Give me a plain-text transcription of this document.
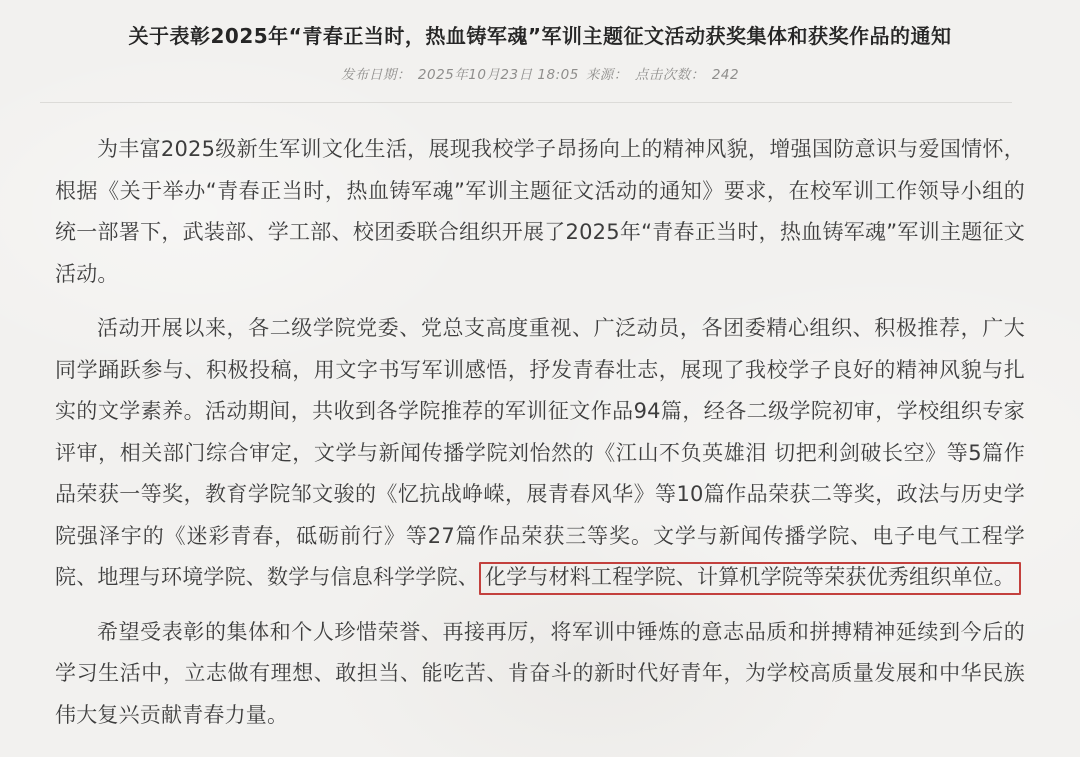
关于表彰2025年“青春正当时，热血铸军魂”军训主题征文活动获奖集体和获奖作品的通知
发布日期： 2025年10月23日 18:05 来源： 点击次数： 242

为丰富2025级新生军训文化生活，展现我校学子昂扬向上的精神风貌，增强国防意识与爱国情怀，根据《关于举办“青春正当时，热血铸军魂”军训主题征文活动的通知》要求，在校军训工作领导小组的统一部署下，武装部、学工部、校团委联合组织开展了2025年“青春正当时，热血铸军魂”军训主题征文活动。

活动开展以来，各二级学院党委、党总支高度重视、广泛动员，各团委精心组织、积极推荐，广大同学踊跃参与、积极投稿，用文字书写军训感悟，抒发青春壮志，展现了我校学子良好的精神风貌与扎实的文学素养。活动期间，共收到各学院推荐的军训征文作品94篇，经各二级学院初审，学校组织专家评审，相关部门综合审定，文学与新闻传播学院刘怡然的《江山不负英雄泪 切把利剑破长空》等5篇作品荣获一等奖，教育学院邹文骏的《忆抗战峥嵘，展青春风华》等10篇作品荣获二等奖，政法与历史学院强泽宇的《迷彩青春，砥砺前行》等27篇作品荣获三等奖。文学与新闻传播学院、电子电气工程学院、地理与环境学院、数学与信息科学学院、 化学与材料工程学院、计算机学院等荣获优秀组织单位。

希望受表彰的集体和个人珍惜荣誉、再接再厉，将军训中锤炼的意志品质和拼搏精神延续到今后的学习生活中，立志做有理想、敢担当、能吃苦、肯奋斗的新时代好青年，为学校高质量发展和中华民族伟大复兴贡献青春力量。
